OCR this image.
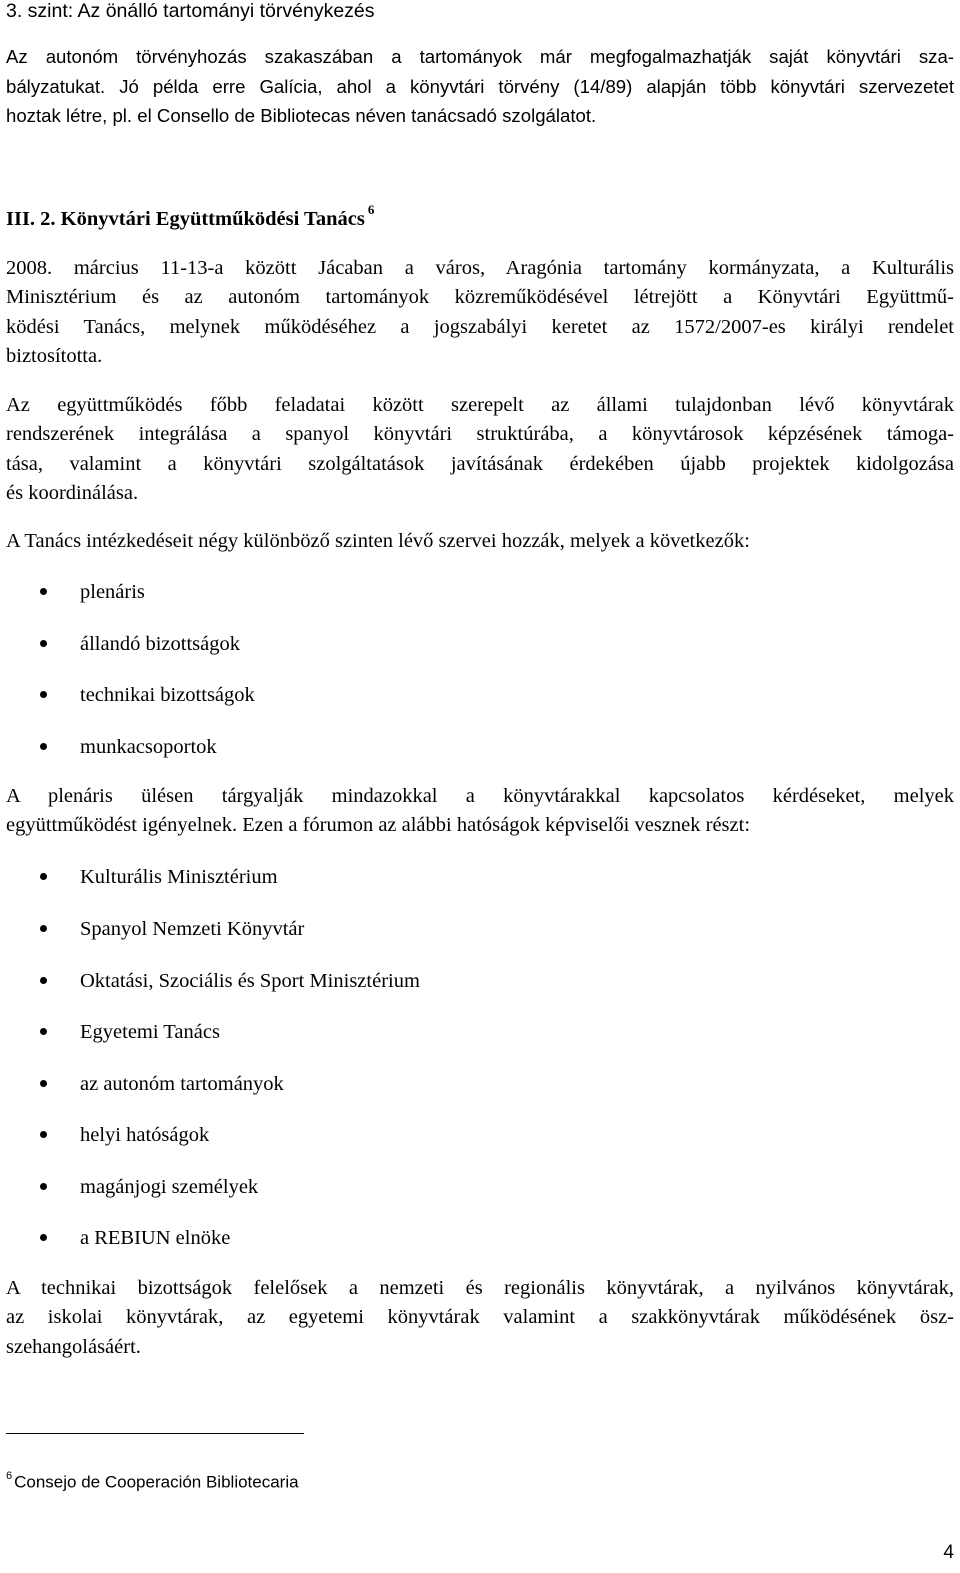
3. szint: Az önálló tartományi törvénykezés
Az autonóm törvényhozás szakaszában a tartományok már megfogalmazhatják saját könyvtári sza-
bályzatukat. Jó példa erre Galícia, ahol a könyvtári törvény (14/89) alapján több könyvtári szervezetet
hoztak létre, pl. el Consello de Bibliotecas néven tanácsadó szolgálatot.
III. 2. Könyvtári Együttműködési Tanács $^6$
2008. március 11-13-a között Jácaban a város, Aragónia tartomány kormányzata, a Kulturális
Minisztérium és az autonóm tartományok közreműködésével létrejött a Könyvtári Együttmű-
ködési Tanács, melynek működéséhez a jogszabályi keretet az 1572/2007-es királyi rendelet
biztosította.
Az együttműködés főbb feladatai között szerepelt az állami tulajdonban lévő könyvtárak
rendszerének integrálása a spanyol könyvtári struktúrába, a könyvtárosok képzésének támoga-
tása, valamint a könyvtári szolgáltatások javításának érdekében újabb projektek kidolgozása
és koordinálása.
A Tanács intézkedéseit négy különböző szinten lévő szervei hozzák, melyek a következők:
plenáris
állandó bizottságok
technikai bizottságok
munkacsoportok
A plenáris ülésen tárgyalják mindazokkal a könyvtárakkal kapcsolatos kérdéseket, melyek
együttműködést igényelnek. Ezen a fórumon az alábbi hatóságok képviselői vesznek részt:
Kulturális Minisztérium
Spanyol Nemzeti Könyvtár
Oktatási, Szociális és Sport Minisztérium
Egyetemi Tanács
az autonóm tartományok
helyi hatóságok
magánjogi személyek
a REBIUN elnöke
A technikai bizottságok felelősek a nemzeti és regionális könyvtárak, a nyilvános könyvtárak,
az iskolai könyvtárak, az egyetemi könyvtárak valamint a szakkönyvtárak működésének ösz-
szehangolásáért.
$^6$ Consejo de Cooperación Bibliotecaria
4
